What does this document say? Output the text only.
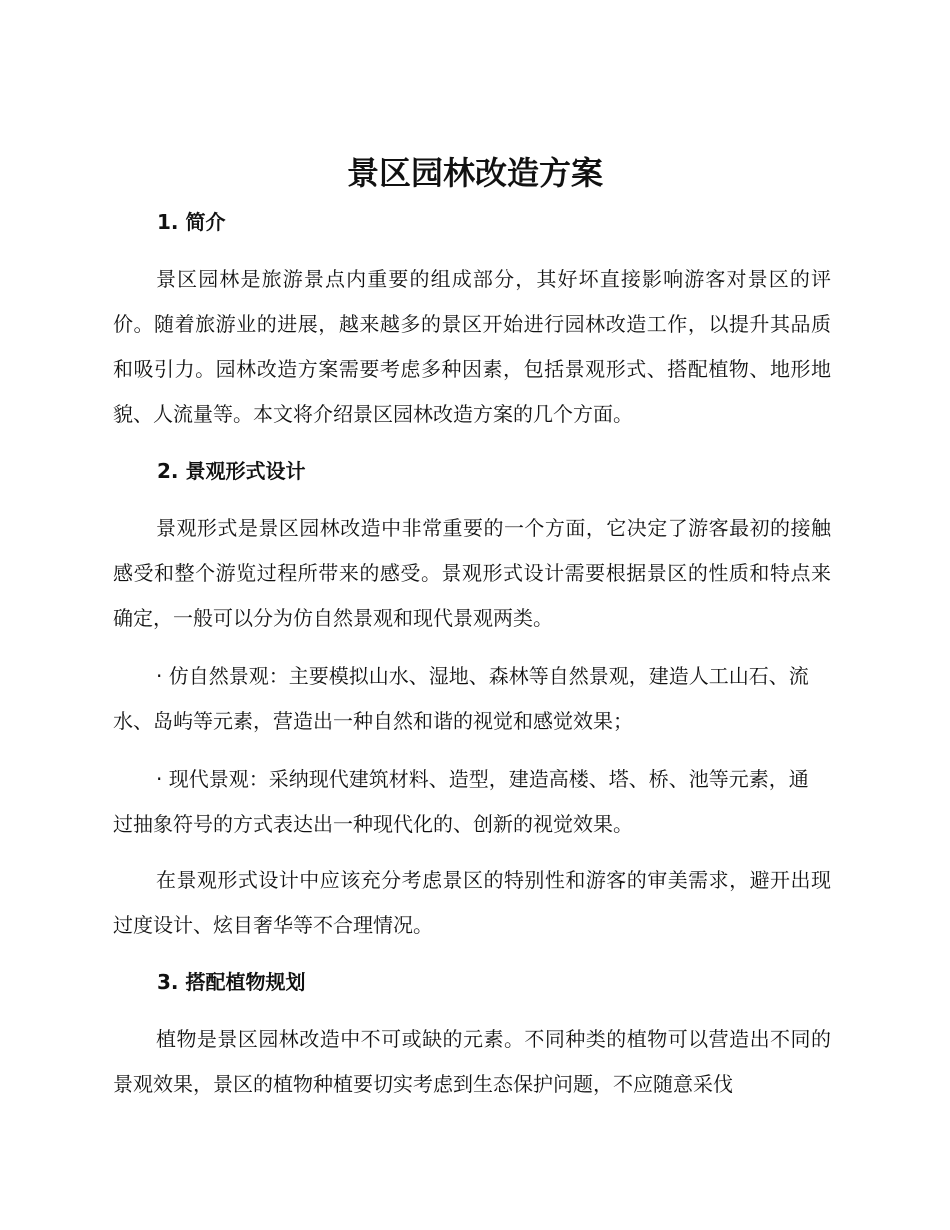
景区园林改造方案
1. 简介
景区园林是旅游景点内重要的组成部分，其好坏直接影响游客对景区的评价。随着旅游业的进展，越来越多的景区开始进行园林改造工作，以提升其品质和吸引力。园林改造方案需要考虑多种因素，包括景观形式、搭配植物、地形地貌、人流量等。本文将介绍景区园林改造方案的几个方面。
2. 景观形式设计
景观形式是景区园林改造中非常重要的一个方面，它决定了游客最初的接触感受和整个游览过程所带来的感受。景观形式设计需要根据景区的性质和特点来确定，一般可以分为仿自然景观和现代景观两类。
· 仿自然景观：主要模拟山水、湿地、森林等自然景观，建造人工山石、流水、岛屿等元素，营造出一种自然和谐的视觉和感觉效果；
· 现代景观：采纳现代建筑材料、造型，建造高楼、塔、桥、池等元素，通过抽象符号的方式表达出一种现代化的、创新的视觉效果。
在景观形式设计中应该充分考虑景区的特别性和游客的审美需求，避开出现过度设计、炫目奢华等不合理情况。
3. 搭配植物规划
植物是景区园林改造中不可或缺的元素。不同种类的植物可以营造出不同的景观效果，景区的植物种植要切实考虑到生态保护问题，不应随意采伐
